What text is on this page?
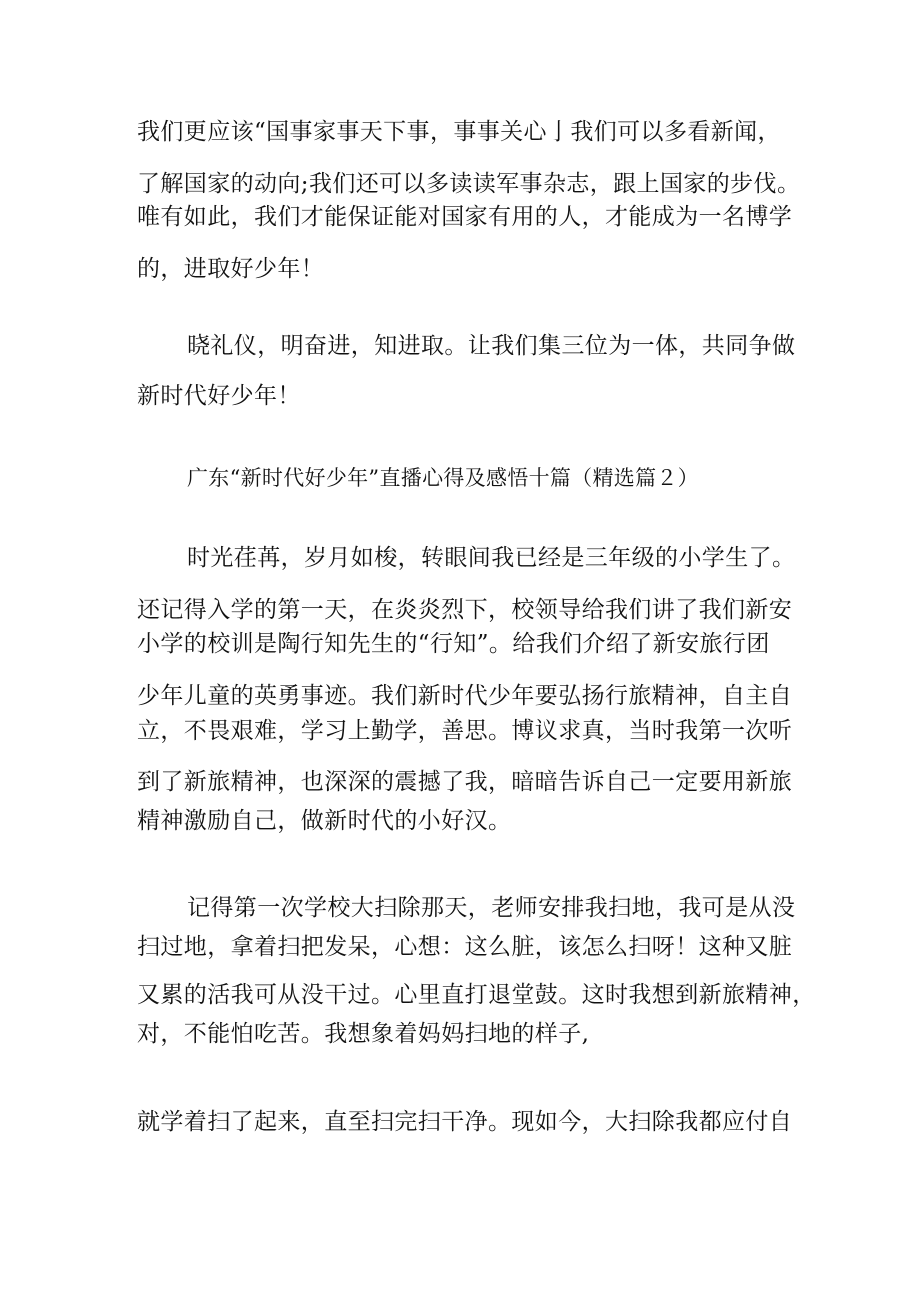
我们更应该“国事家事天下事，事事关心亅我们可以多看新闻，

了解国家的动向;我们还可以多读读军事杂志，跟上国家的步伐。

唯有如此，我们才能保证能对国家有用的人，才能成为一名博学

的，进取好少年！

晓礼仪，明奋进，知进取。让我们集三位为一体，共同争做

新时代好少年！

广东“新时代好少年”直播心得及感悟十篇（精选篇２）

时光荏苒，岁月如梭，转眼间我已经是三年级的小学生了。

还记得入学的第一天，在炎炎烈下，校领导给我们讲了我们新安

小学的校训是陶行知先生的“行知”。给我们介绍了新安旅行团

少年儿童的英勇事迹。我们新时代少年要弘扬行旅精神，自主自

立，不畏艰难，学习上勤学，善思。博议求真，当时我第一次听

到了新旅精神，也深深的震撼了我，暗暗告诉自己一定要用新旅

精神激励自己，做新时代的小好汉。

记得第一次学校大扫除那天，老师安排我扫地，我可是从没

扫过地，拿着扫把发呆，心想：这么脏，该怎么扫呀！这种又脏

又累的活我可从没干过。心里直打退堂鼓。这时我想到新旅精神，

对，不能怕吃苦。我想象着妈妈扫地的样子,

就学着扫了起来，直至扫完扫干净。现如今，大扫除我都应付自
